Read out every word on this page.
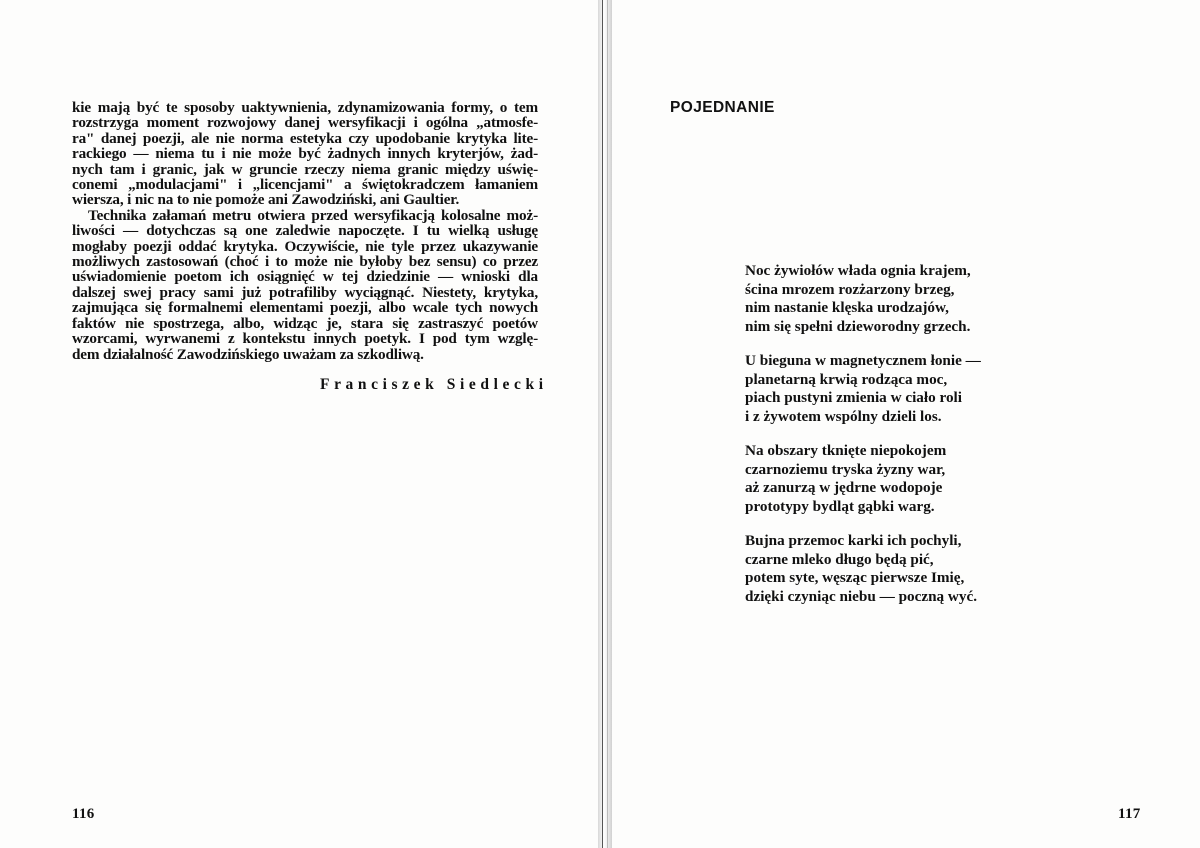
kie mają być te sposoby uaktywnienia, zdynamizowania formy, o tem
rozstrzyga moment rozwojowy danej wersyfikacji i ogólna „atmosfe-
ra" danej poezji, ale nie norma estetyka czy upodobanie krytyka lite-
rackiego — niema tu i nie może być żadnych innych kryterjów, żad-
nych tam i granic, jak w gruncie rzeczy niema granic między uświę-
conemi „modulacjami" i „licencjami" a świętokradczem łamaniem
wiersza, i nic na to nie pomoże ani Zawodziński, ani Gaultier.

Technika załamań metru otwiera przed wersyfikacją kolosalne moż-
liwości — dotychczas są one zaledwie napoczęte. I tu wielką usługę
mogłaby poezji oddać krytyka. Oczywiście, nie tyle przez ukazywanie
możliwych zastosowań (choć i to może nie byłoby bez sensu) co przez
uświadomienie poetom ich osiągnięć w tej dziedzinie — wnioski dla
dalszej swej pracy sami już potrafiliby wyciągnąć. Niestety, krytyka,
zajmująca się formalnemi elementami poezji, albo wcale tych nowych
faktów nie spostrzega, albo, widząc je, stara się zastraszyć poetów
wzorcami, wyrwanemi z kontekstu innych poetyk. I pod tym wzglę-
dem działalność Zawodzińskiego uważam za szkodliwą.

Franciszek Siedlecki
116
POJEDNANIE
Noc żywiołów włada ognia krajem,
ścina mrozem rozżarzony brzeg,
nim nastanie klęska urodzajów,
nim się spełni dzieworodny grzech.
U bieguna w magnetycznem łonie —
planetarną krwią rodząca moc,
piach pustyni zmienia w ciało roli
i z żywotem wspólny dzieli los.
Na obszary tknięte niepokojem
czarnoziemu tryska żyzny war,
aż zanurzą w jędrne wodopoje
prototypy bydląt gąbki warg.
Bujna przemoc karki ich pochyli,
czarne mleko długo będą pić,
potem syte, węsząc pierwsze Imię,
dzięki czyniąc niebu — poczną wyć.
117
